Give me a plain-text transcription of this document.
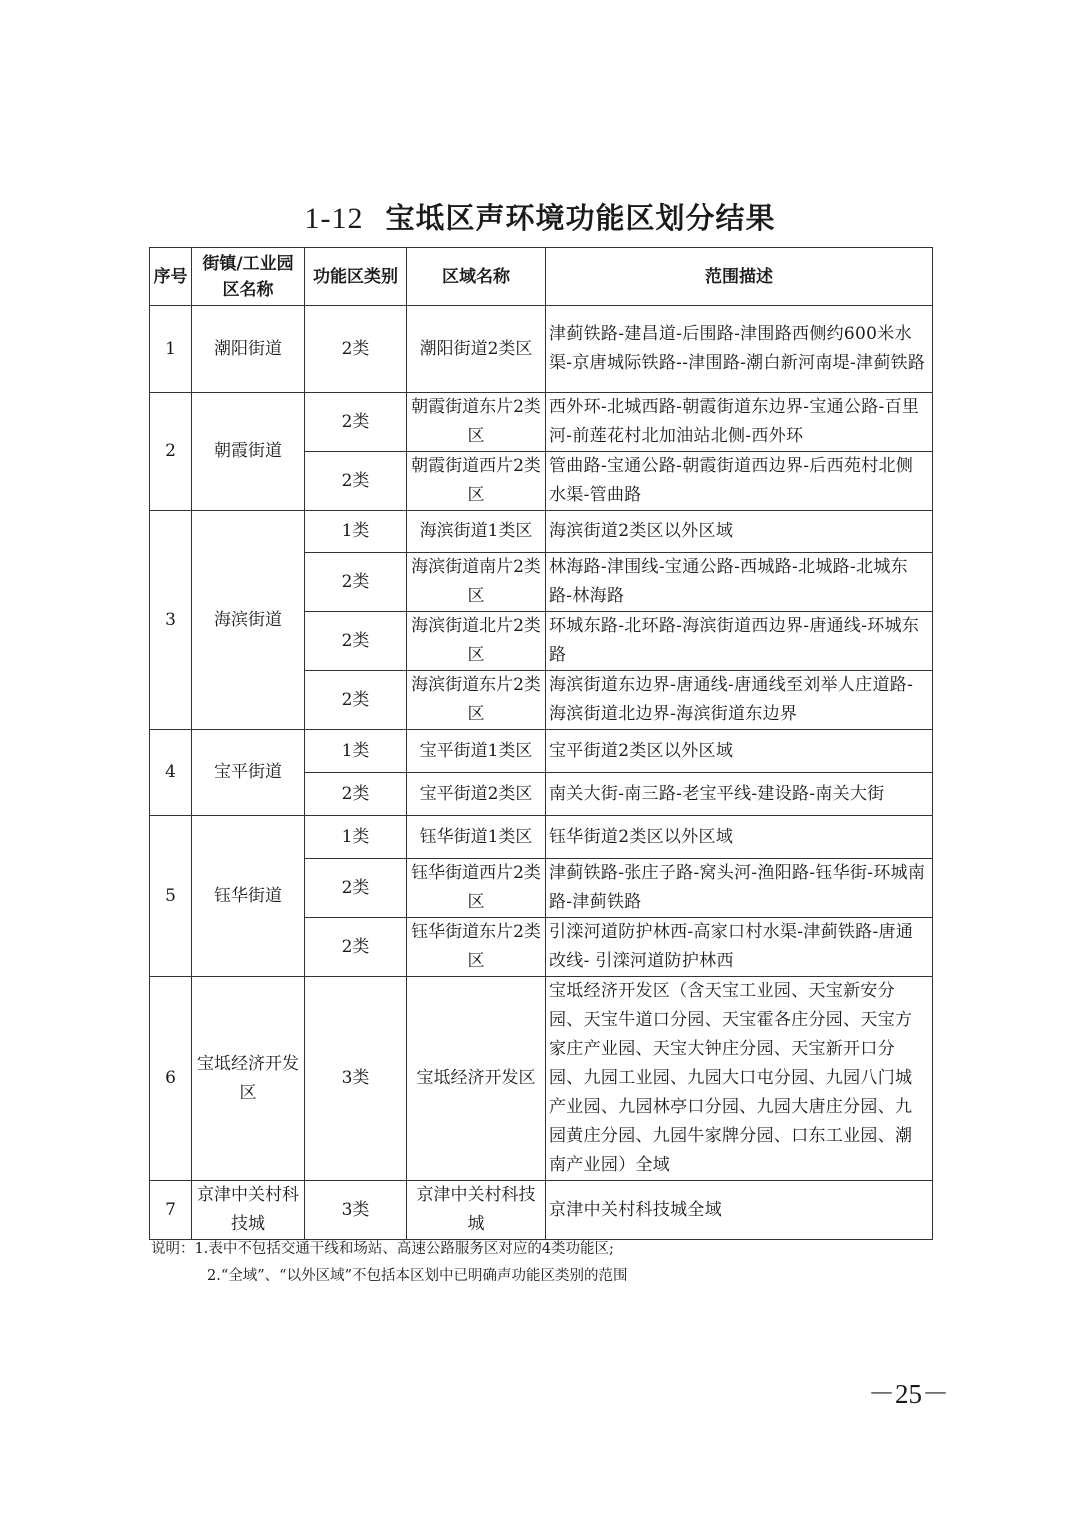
1-12 宝坻区声环境功能区划分结果
序号	街镇/工业园区名称	功能区类别	区域名称	范围描述
1	潮阳街道	2类	潮阳街道2类区	津蓟铁路-建昌道-后围路-津围路西侧约600米水渠-京唐城际铁路--津围路-潮白新河南堤-津蓟铁路
2	朝霞街道	2类	朝霞街道东片2类区	西外环-北城西路-朝霞街道东边界-宝通公路-百里河-前莲花村北加油站北侧-西外环
		2类	朝霞街道西片2类区	管曲路-宝通公路-朝霞街道西边界-后西苑村北侧水渠-管曲路
3	海滨街道	1类	海滨街道1类区	海滨街道2类区以外区域
		2类	海滨街道南片2类区	林海路-津围线-宝通公路-西城路-北城路-北城东路-林海路
		2类	海滨街道北片2类区	环城东路-北环路-海滨街道西边界-唐通线-环城东路
		2类	海滨街道东片2类区	海滨街道东边界-唐通线-唐通线至刘举人庄道路-海滨街道北边界-海滨街道东边界
4	宝平街道	1类	宝平街道1类区	宝平街道2类区以外区域
		2类	宝平街道2类区	南关大街-南三路-老宝平线-建设路-南关大街
5	钰华街道	1类	钰华街道1类区	钰华街道2类区以外区域
		2类	钰华街道西片2类区	津蓟铁路-张庄子路-窝头河-渔阳路-钰华街-环城南路-津蓟铁路
		2类	钰华街道东片2类区	引滦河道防护林西-高家口村水渠-津蓟铁路-唐通改线- 引滦河道防护林西
6	宝坻经济开发区	3类	宝坻经济开发区	宝坻经济开发区（含天宝工业园、天宝新安分园、天宝牛道口分园、天宝霍各庄分园、天宝方家庄产业园、天宝大钟庄分园、天宝新开口分园、九园工业园、九园大口屯分园、九园八门城产业园、九园林亭口分园、九园大唐庄分园、九园黄庄分园、九园牛家牌分园、口东工业园、潮南产业园）全域
7	京津中关村科技城	3类	京津中关村科技城	京津中关村科技城全域
说明：1.表中不包括交通干线和场站、高速公路服务区对应的4类功能区;
2.“全域”、“以外区域”不包括本区划中已明确声功能区类别的范围
－25－
